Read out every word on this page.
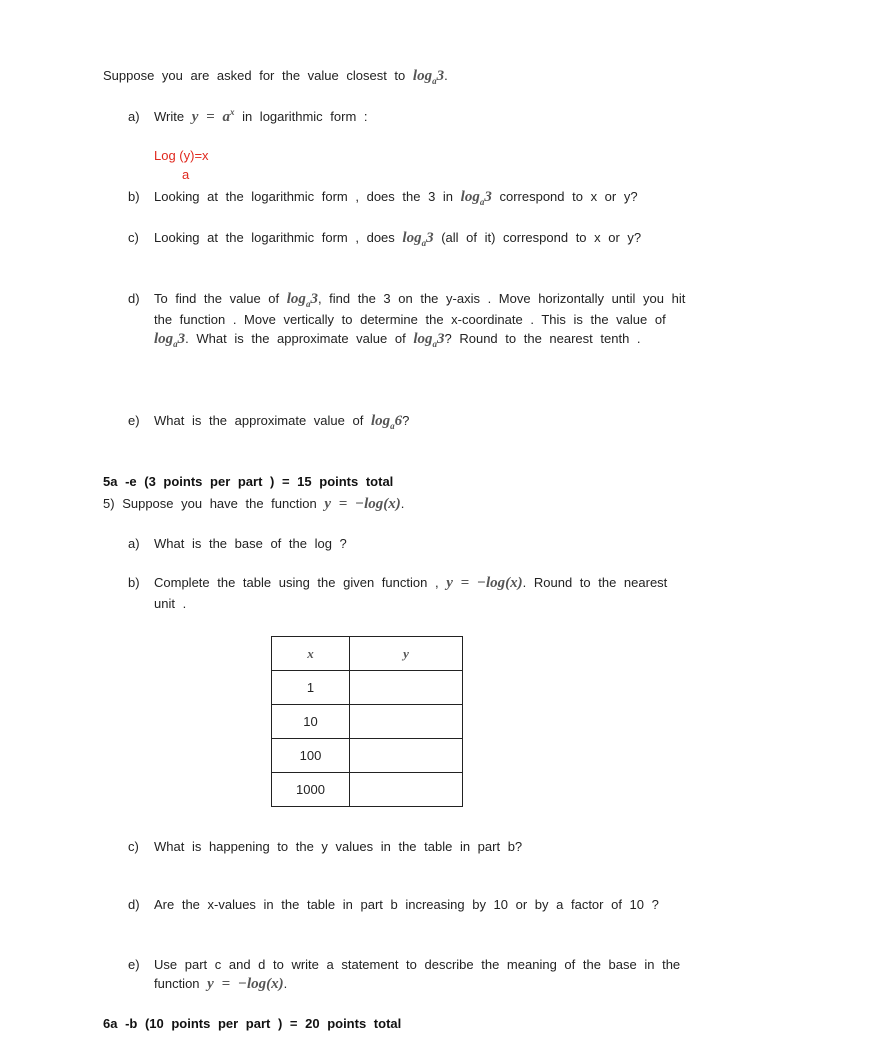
Suppose you are asked for the value closest to $\log_a3$.
a) Write $y = a^x$ in logarithmic form :
Log (y)=x
a
b) Looking at the logarithmic form , does the 3 in $\log_a3$ correspond to x or y?
c) Looking at the logarithmic form , does $\log_a3$ (all of it) correspond to x or y?
d) To find the value of $\log_a3$, find the 3 on the y-axis . Move horizontally until you hit
the function . Move vertically to determine the x-coordinate . This is the value of
$\log_a3$. What is the approximate value of $\log_a3$? Round to the nearest tenth .
e) What is the approximate value of $\log_a6$?
5a -e (3 points per part ) = 15 points total
5) Suppose you have the function y = −log(x).
a) What is the base of the log ?
b) Complete the table using the given function , y = −log(x). Round to the nearest
unit .
x	y
1	
10	
100	
1000	
c) What is happening to the y values in the table in part b?
d) Are the x-values in the table in part b increasing by 10 or by a factor of 10 ?
e) Use part c and d to write a statement to describe the meaning of the base in the
function y = −log(x).
6a -b (10 points per part ) = 20 points total
